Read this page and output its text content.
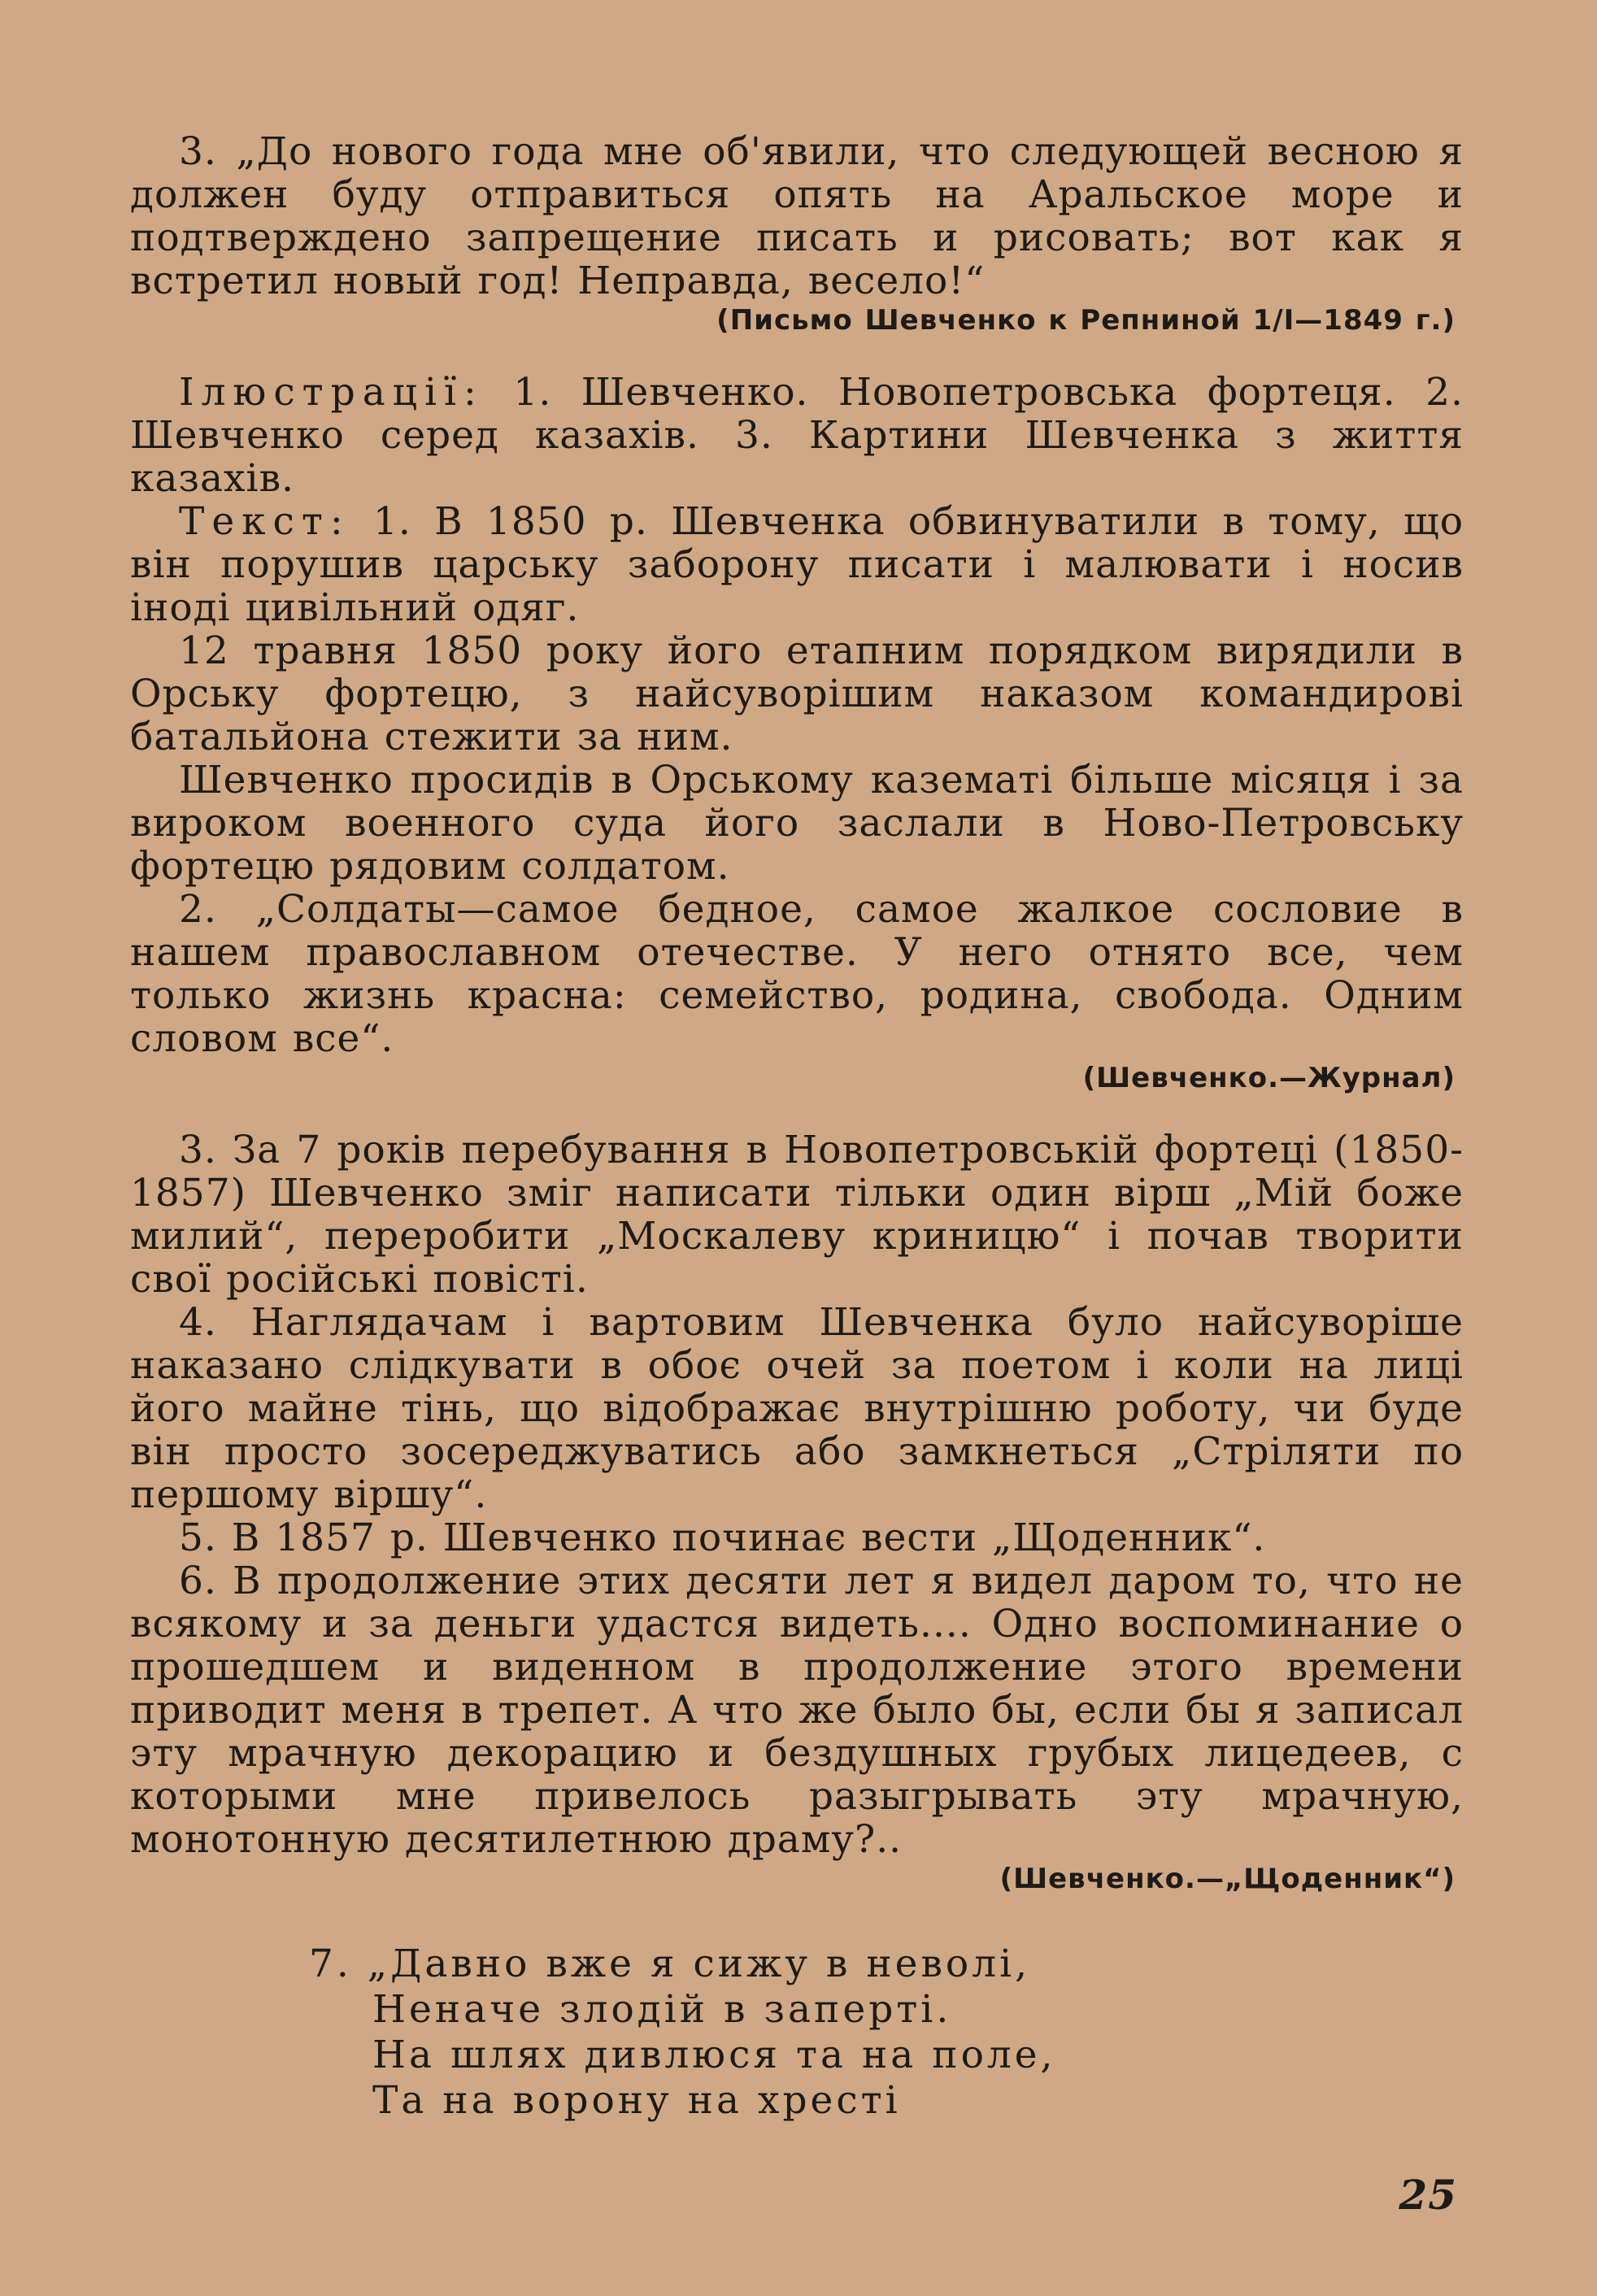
3. „До нового года мне об'явили, что следующей весною я должен буду отправиться опять на Аральское море и подтверждено запрещение писать и рисовать; вот как я встретил новый год! Неправда, весело!“

(Письмо Шевченко к Репниной 1/I—1849 г.)

Ілюстрації: 1. Шевченко. Новопетровська фортеця. 2. Шевченко серед казахів. 3. Картини Шевченка з життя казахів.

Текст: 1. В 1850 р. Шевченка обвинуватили в тому, що він порушив царську заборону писати і малювати і носив іноді цивільний одяг.

12 травня 1850 року його етапним порядком вирядили в Орську фортецю, з найсуворішим наказом командирові батальйона стежити за ним.

Шевченко просидів в Орському казематі більше місяця і за вироком военного суда його заслали в Ново-Петровську фортецю рядовим солдатом.

2. „Солдаты—самое бедное, самое жалкое сословие в нашем православном отечестве. У него отнято все, чем только жизнь красна: семейство, родина, свобода. Одним словом все“.

(Шевченко.—Журнал)

3. За 7 років перебування в Новопетровській фортеці (1850-1857) Шевченко зміг написати тільки один вірш „Мій боже милий“, переробити „Москалеву криницю“ і почав творити свої російські повісті.

4. Наглядачам і вартовим Шевченка було найсуворіше наказано слідкувати в обоє очей за поетом і коли на лиці його майне тінь, що відображає внутрішню роботу, чи буде він просто зосереджуватись або замкнеться „Стріляти по першому віршу“.

5. В 1857 р. Шевченко починає вести „Щоденник“.

6. В продолжение этих десяти лет я видел даром то, что не всякому и за деньги удастся видеть.... Одно воспоминание о прошедшем и виденном в продолжение этого времени приводит меня в трепет. А что же было бы, если бы я записал эту мрачную декорацию и бездушных грубых лицедеев, с которыми мне привелось разыгрывать эту мрачную, монотонную десятилетнюю драму?..

(Шевченко.—„Щоденник“)

7. „Давно вже я сижу в неволі,
Неначе злодій в заперті.
На шлях дивлюся та на поле,
Та на ворону на хресті
25
